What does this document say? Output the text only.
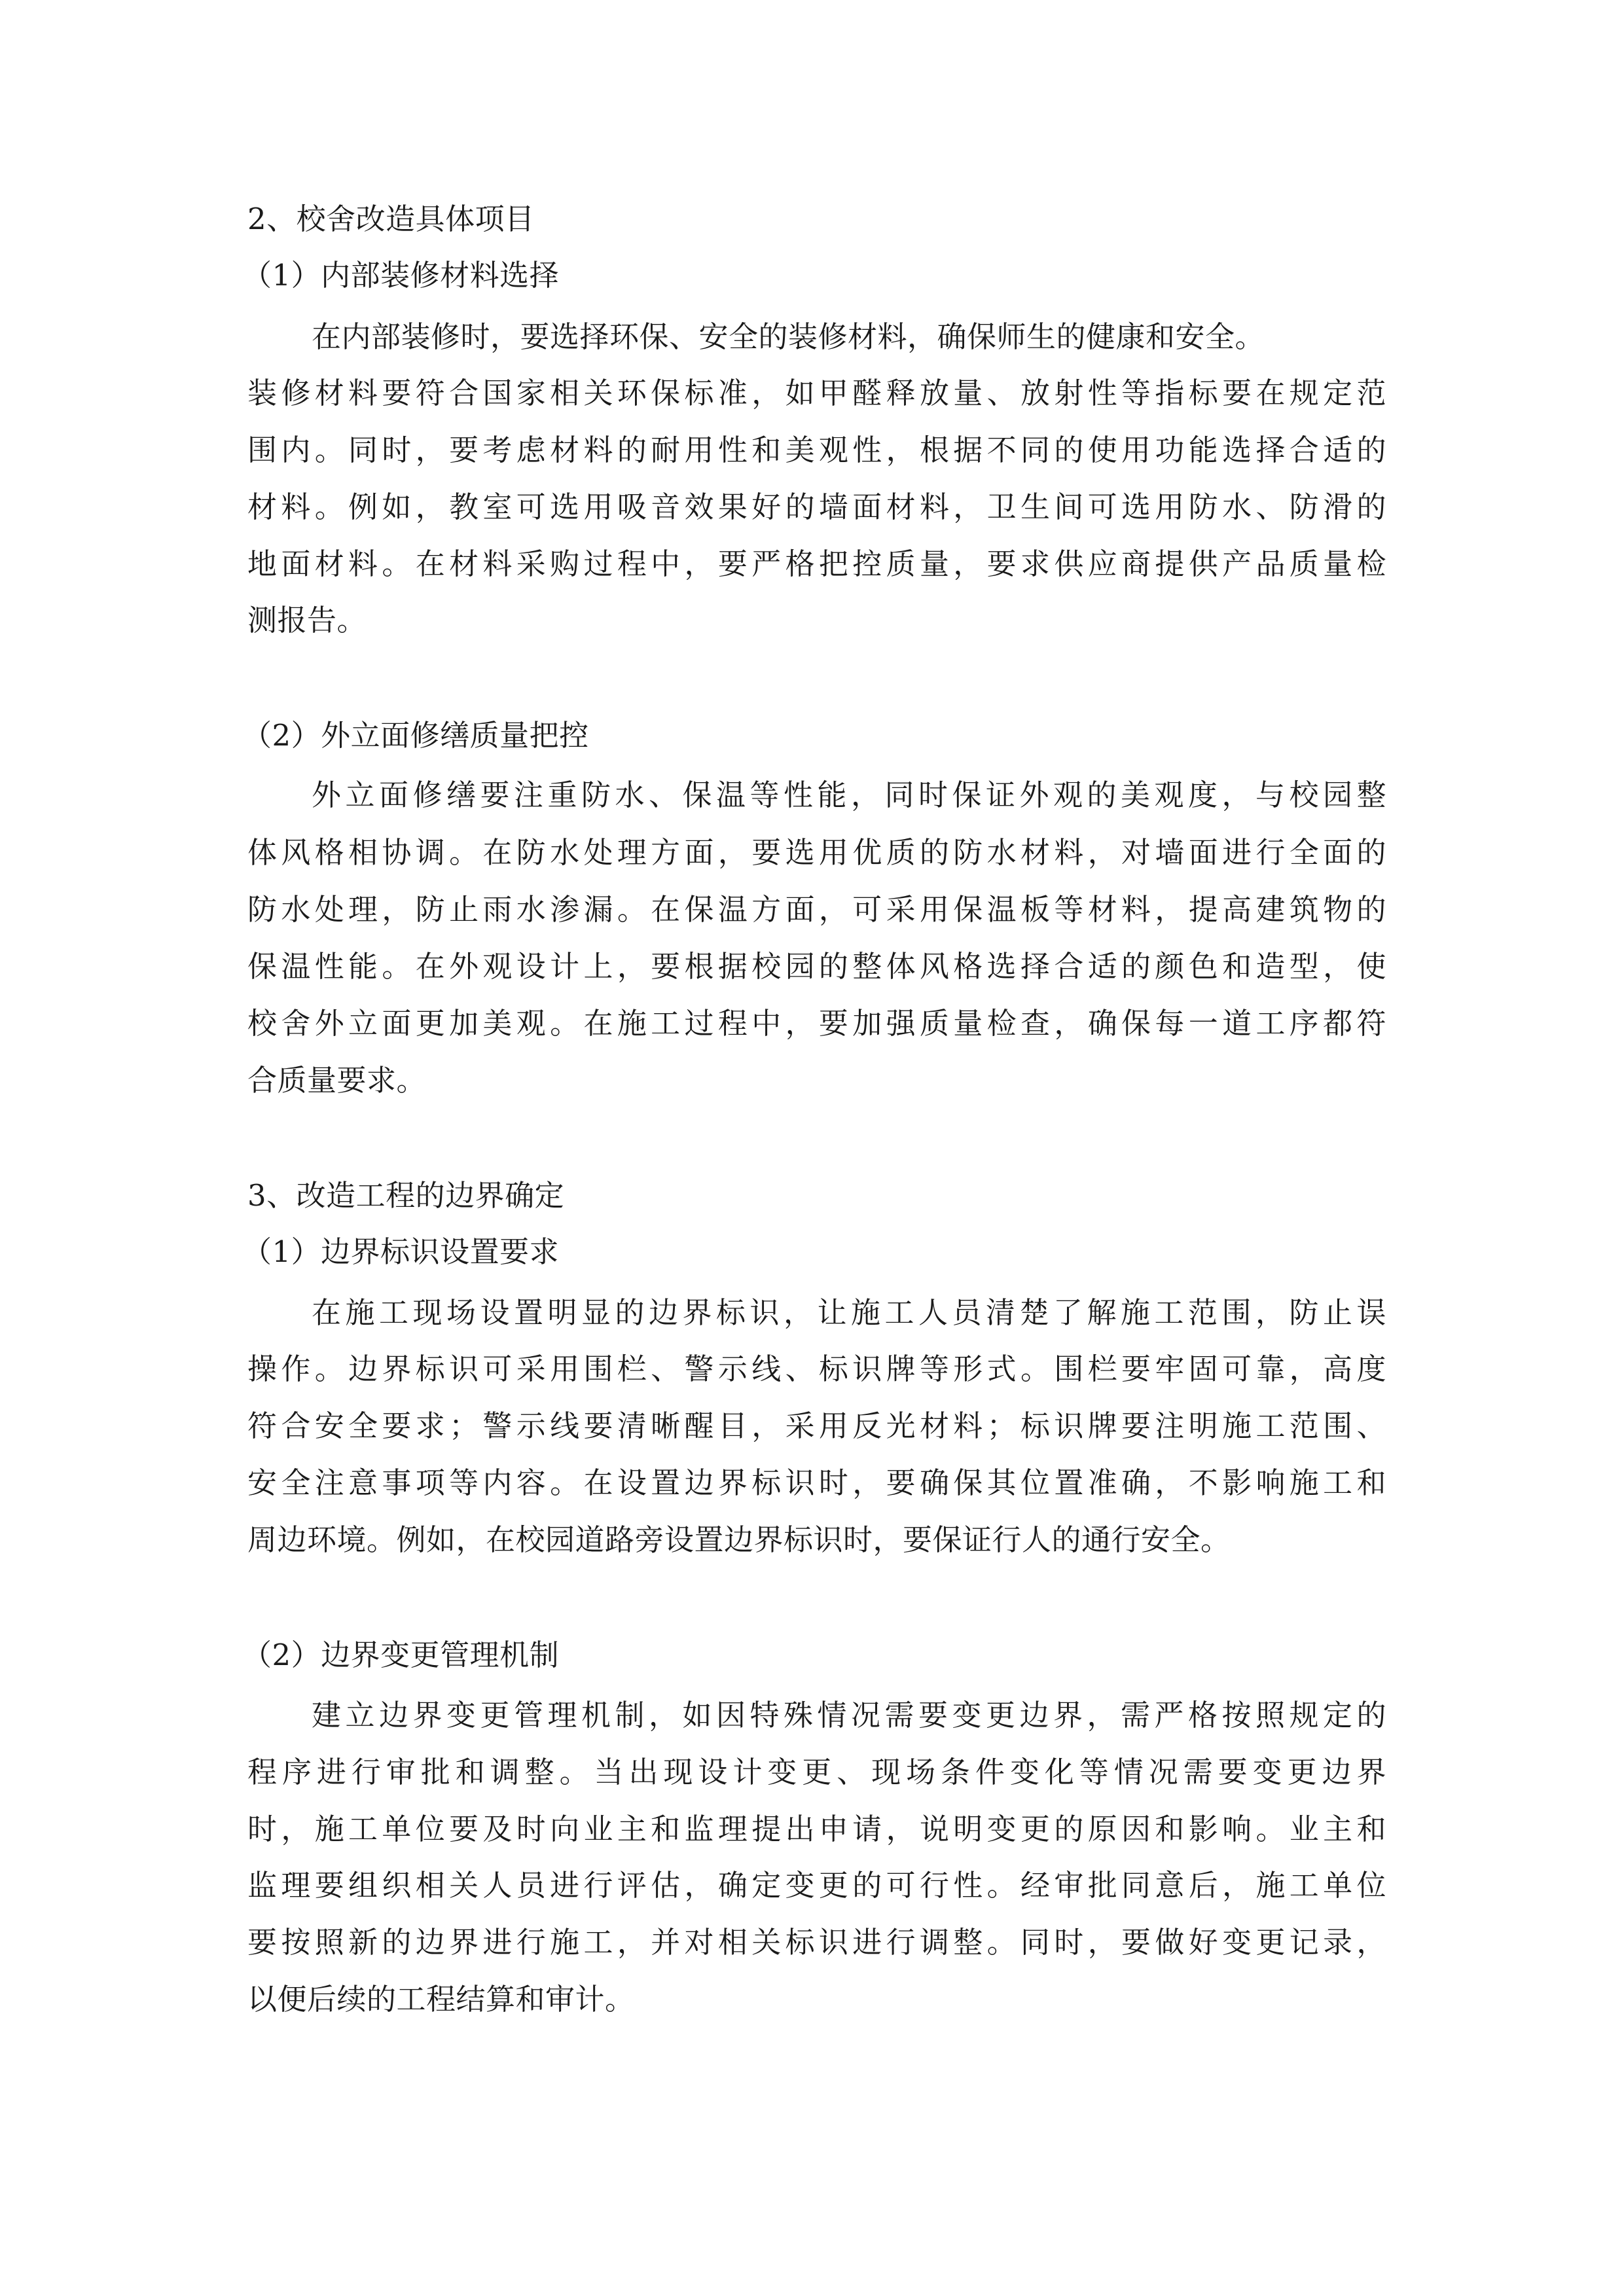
2、校舍改造具体项目
（1）内部装修材料选择
在内部装修时，要选择环保、安全的装修材料，确保师生的健康和安全。
装修材料要符合国家相关环保标准，如甲醛释放量、放射性等指标要在规定范
围内。同时，要考虑材料的耐用性和美观性，根据不同的使用功能选择合适的
材料。例如，教室可选用吸音效果好的墙面材料，卫生间可选用防水、防滑的
地面材料。在材料采购过程中，要严格把控质量，要求供应商提供产品质量检
测报告。
（2）外立面修缮质量把控
外立面修缮要注重防水、保温等性能，同时保证外观的美观度，与校园整
体风格相协调。在防水处理方面，要选用优质的防水材料，对墙面进行全面的
防水处理，防止雨水渗漏。在保温方面，可采用保温板等材料，提高建筑物的
保温性能。在外观设计上，要根据校园的整体风格选择合适的颜色和造型，使
校舍外立面更加美观。在施工过程中，要加强质量检查，确保每一道工序都符
合质量要求。
3、改造工程的边界确定
（1）边界标识设置要求
在施工现场设置明显的边界标识，让施工人员清楚了解施工范围，防止误
操作。边界标识可采用围栏、警示线、标识牌等形式。围栏要牢固可靠，高度
符合安全要求；警示线要清晰醒目，采用反光材料；标识牌要注明施工范围、
安全注意事项等内容。在设置边界标识时，要确保其位置准确，不影响施工和
周边环境。例如，在校园道路旁设置边界标识时，要保证行人的通行安全。
（2）边界变更管理机制
建立边界变更管理机制，如因特殊情况需要变更边界，需严格按照规定的
程序进行审批和调整。当出现设计变更、现场条件变化等情况需要变更边界
时，施工单位要及时向业主和监理提出申请，说明变更的原因和影响。业主和
监理要组织相关人员进行评估，确定变更的可行性。经审批同意后，施工单位
要按照新的边界进行施工，并对相关标识进行调整。同时，要做好变更记录，
以便后续的工程结算和审计。
